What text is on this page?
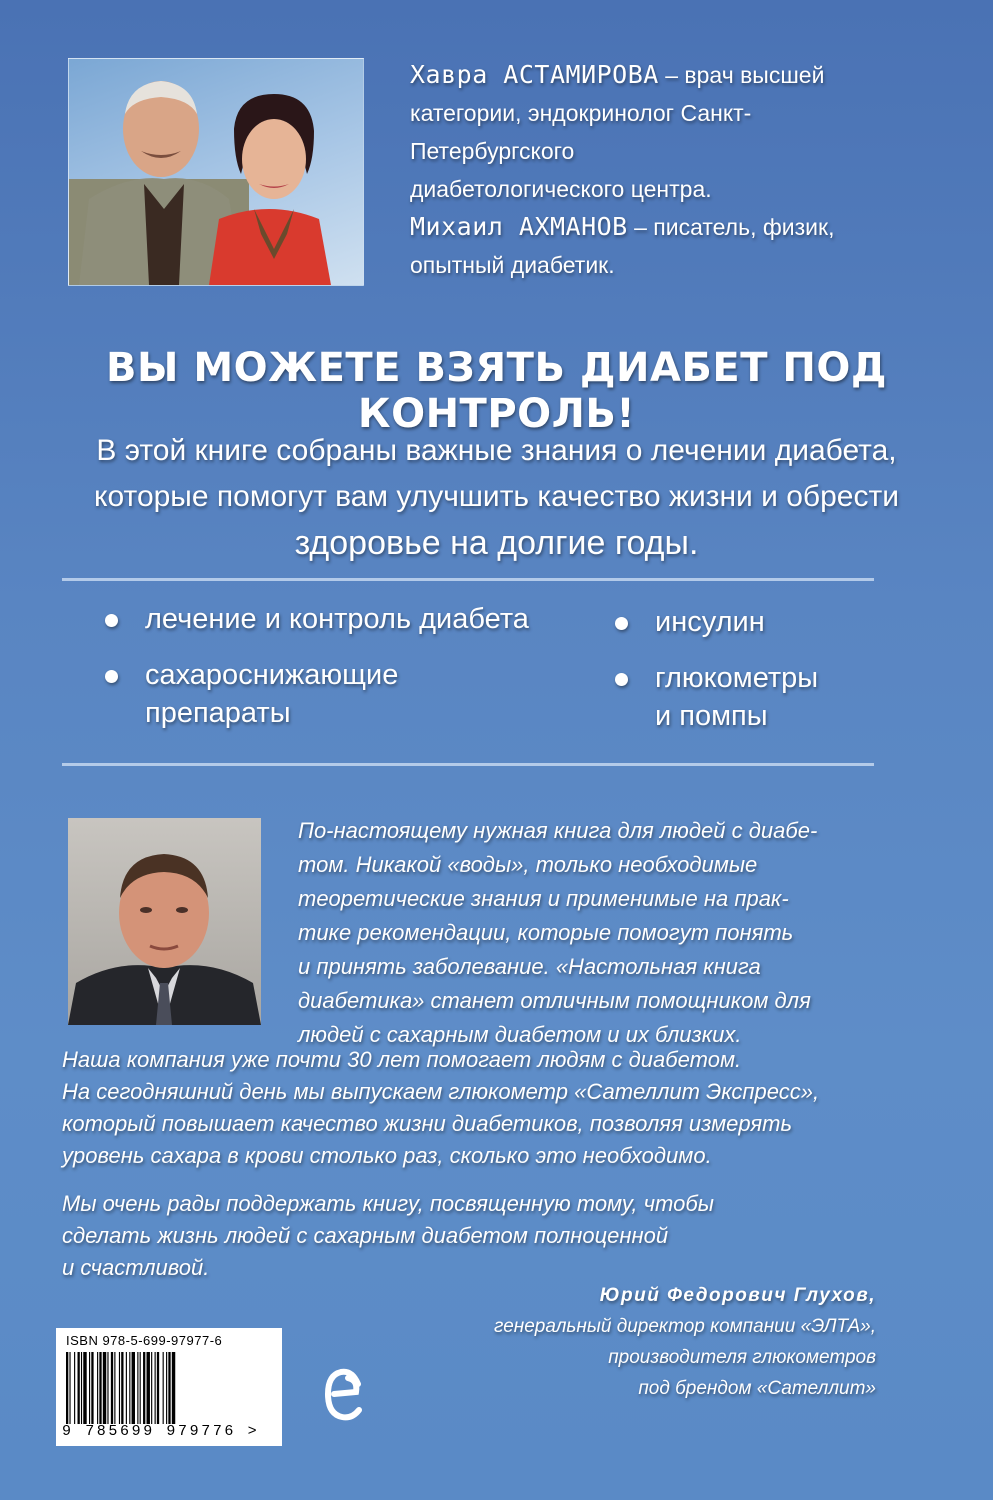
Хавра АСТАМИРОВА – врач высшей
категории, эндокринолог Санкт-Петербургского
диабетологического центра.
Михаил АХМАНОВ – писатель, физик,
опытный диабетик.
ВЫ МОЖЕТЕ ВЗЯТЬ ДИАБЕТ ПОД КОНТРОЛЬ!
В этой книге собраны важные знания о лечении диабета,
которые помогут вам улучшить качество жизни и обрести
здоровье на долгие годы.
лечение и контроль диабета
сахароснижающие
препараты
инсулин
глюкометры
и помпы
По-настоящему нужная книга для людей с диабе-
том. Никакой «воды», только необходимые
теоретические знания и применимые на прак-
тике рекомендации, которые помогут понять
и принять заболевание. «Настольная книга
диабетика» станет отличным помощником для
людей с сахарным диабетом и их близких.
Наша компания уже почти 30 лет помогает людям с диабетом.
На сегодняшний день мы выпускаем глюкометр «Сателлит Экспресс»,
который повышает качество жизни диабетиков, позволяя измерять
уровень сахара в крови столько раз, сколько это необходимо.
Мы очень рады поддержать книгу, посвященную тому, чтобы
сделать жизнь людей с сахарным диабетом полноценной
и счастливой.
Юрий Федорович Глухов,
генеральный директор компании «ЭЛТА»,
производителя глюкометров
под брендом «Сателлит»
ISBN 978-5-699-97977-6
9 785699 979776 >
